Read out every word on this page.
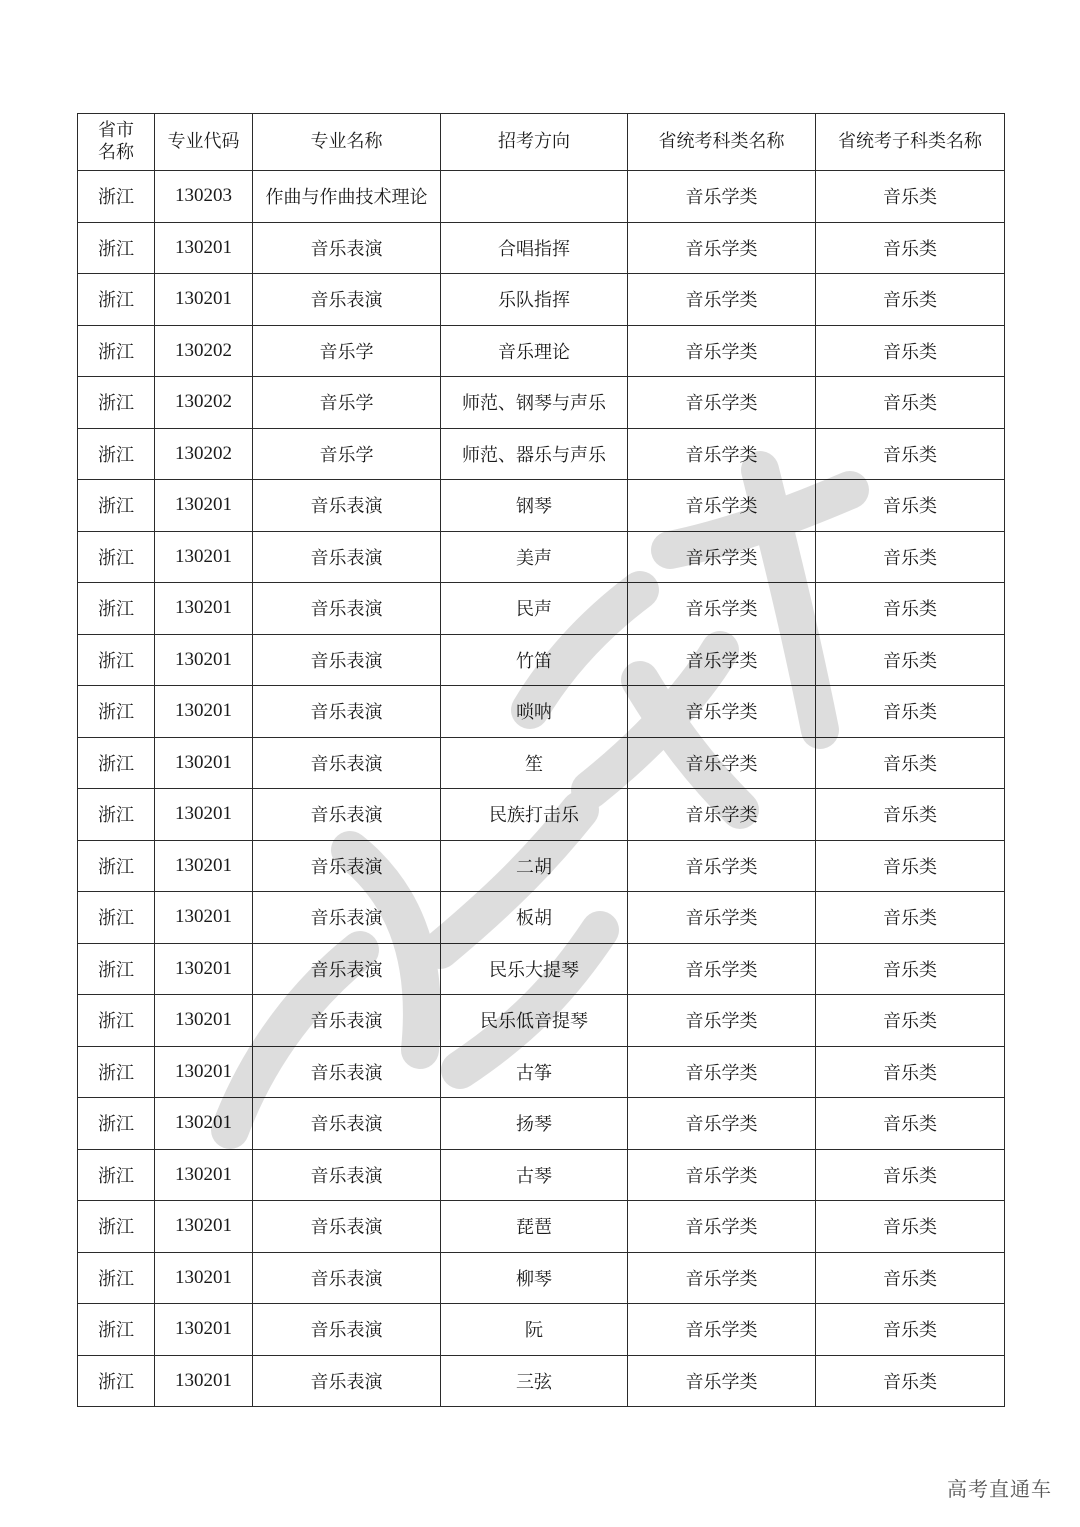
省市
名称	专业代码	专业名称	招考方向	省统考科类名称	省统考子科类名称
浙江	130203	作曲与作曲技术理论		音乐学类	音乐类
浙江	130201	音乐表演	合唱指挥	音乐学类	音乐类
浙江	130201	音乐表演	乐队指挥	音乐学类	音乐类
浙江	130202	音乐学	音乐理论	音乐学类	音乐类
浙江	130202	音乐学	师范、钢琴与声乐	音乐学类	音乐类
浙江	130202	音乐学	师范、器乐与声乐	音乐学类	音乐类
浙江	130201	音乐表演	钢琴	音乐学类	音乐类
浙江	130201	音乐表演	美声	音乐学类	音乐类
浙江	130201	音乐表演	民声	音乐学类	音乐类
浙江	130201	音乐表演	竹笛	音乐学类	音乐类
浙江	130201	音乐表演	唢呐	音乐学类	音乐类
浙江	130201	音乐表演	笙	音乐学类	音乐类
浙江	130201	音乐表演	民族打击乐	音乐学类	音乐类
浙江	130201	音乐表演	二胡	音乐学类	音乐类
浙江	130201	音乐表演	板胡	音乐学类	音乐类
浙江	130201	音乐表演	民乐大提琴	音乐学类	音乐类
浙江	130201	音乐表演	民乐低音提琴	音乐学类	音乐类
浙江	130201	音乐表演	古筝	音乐学类	音乐类
浙江	130201	音乐表演	扬琴	音乐学类	音乐类
浙江	130201	音乐表演	古琴	音乐学类	音乐类
浙江	130201	音乐表演	琵琶	音乐学类	音乐类
浙江	130201	音乐表演	柳琴	音乐学类	音乐类
浙江	130201	音乐表演	阮	音乐学类	音乐类
浙江	130201	音乐表演	三弦	音乐学类	音乐类
高考直通车
